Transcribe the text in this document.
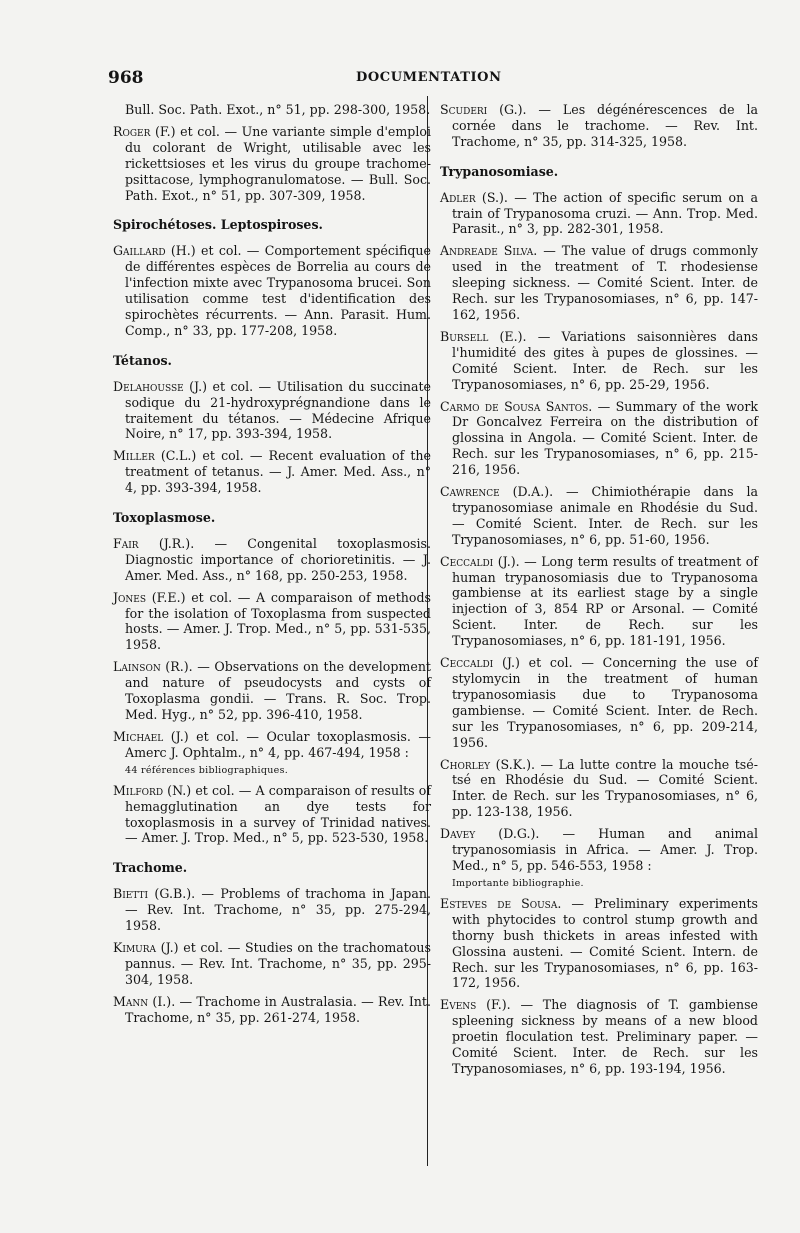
968	DOCUMENTATION
Bull. Soc. Path. Exot., n° 51, pp. 298-300, 1958.
Roger (F.) et col. — Une variante simple d'emploi du colorant de Wright, utilisable avec les rickettsioses et les virus du groupe trachome-psittacose, lymphogranulomatose. — Bull. Soc. Path. Exot., n° 51, pp. 307-309, 1958.
Spirochétoses. Leptospiroses.
Gaillard (H.) et col. — Comportement spécifique de différentes espèces de Borrelia au cours de l'infection mixte avec Trypanosoma brucei. Son utilisation comme test d'identification des spirochètes récurrents. — Ann. Parasit. Hum. Comp., n° 33, pp. 177-208, 1958.
Tétanos.
Delahousse (J.) et col. — Utilisation du succinate sodique du 21-hydroxyprégnandione dans le traitement du tétanos. — Médecine Afrique Noire, n° 17, pp. 393-394, 1958.
Miller (C.L.) et col. — Recent evaluation of the treatment of tetanus. — J. Amer. Med. Ass., n° 4, pp. 393-394, 1958.
Toxoplasmose.
Fair (J.R.). — Congenital toxoplasmosis. Diagnostic importance of chorioretinitis. — J. Amer. Med. Ass., n° 168, pp. 250-253, 1958.
Jones (F.E.) et col. — A comparaison of methods for the isolation of Toxoplasma from suspected hosts. — Amer. J. Trop. Med., n° 5, pp. 531-535, 1958.
Lainson (R.). — Observations on the development and nature of pseudocysts and cysts of Toxoplasma gondii. — Trans. R. Soc. Trop. Med. Hyg., n° 52, pp. 396-410, 1958.
Michael (J.) et col. — Ocular toxoplasmosis. — Amerc J. Ophtalm., n° 4, pp. 467-494, 1958 :
44 références bibliographiques.
Milford (N.) et col. — A comparaison of results of hemagglutination an dye tests for toxoplasmosis in a survey of Trinidad natives. — Amer. J. Trop. Med., n° 5, pp. 523-530, 1958.
Trachome.
Bietti (G.B.). — Problems of trachoma in Japan. — Rev. Int. Trachome, n° 35, pp. 275-294, 1958.
Kimura (J.) et col. — Studies on the trachomatous pannus. — Rev. Int. Trachome, n° 35, pp. 295-304, 1958.
Mann (I.). — Trachome in Australasia. — Rev. Int. Trachome, n° 35, pp. 261-274, 1958.
Scuderi (G.). — Les dégénérescences de la cornée dans le trachome. — Rev. Int. Trachome, n° 35, pp. 314-325, 1958.
Trypanosomiase.
Adler (S.). — The action of specific serum on a train of Trypanosoma cruzi. — Ann. Trop. Med. Parasit., n° 3, pp. 282-301, 1958.
Andreade Silva. — The value of drugs commonly used in the treatment of T. rhodesiense sleeping sickness. — Comité Scient. Inter. de Rech. sur les Trypanosomiases, n° 6, pp. 147-162, 1956.
Bursell (E.). — Variations saisonnières dans l'humidité des gites à pupes de glossines. — Comité Scient. Inter. de Rech. sur les Trypanosomiases, n° 6, pp. 25-29, 1956.
Carmo de Sousa Santos. — Summary of the work Dr Goncalvez Ferreira on the distribution of glossina in Angola. — Comité Scient. Inter. de Rech. sur les Trypanosomiases, n° 6, pp. 215-216, 1956.
Cawrence (D.A.). — Chimiothérapie dans la trypanosomiase animale en Rhodésie du Sud. — Comité Scient. Inter. de Rech. sur les Trypanosomiases, n° 6, pp. 51-60, 1956.
Ceccaldi (J.). — Long term results of treatment of human trypanosomiasis due to Trypanosoma gambiense at its earliest stage by a single injection of 3, 854 RP or Arsonal. — Comité Scient. Inter. de Rech. sur les Trypanosomiases, n° 6, pp. 181-191, 1956.
Ceccaldi (J.) et col. — Concerning the use of stylomycin in the treatment of human trypanosomiasis due to Trypanosoma gambiense. — Comité Scient. Inter. de Rech. sur les Trypanosomiases, n° 6, pp. 209-214, 1956.
Chorley (S.K.). — La lutte contre la mouche tsé-tsé en Rhodésie du Sud. — Comité Scient. Inter. de Rech. sur les Trypanosomiases, n° 6, pp. 123-138, 1956.
Davey (D.G.). — Human and animal trypanosomiasis in Africa. — Amer. J. Trop. Med., n° 5, pp. 546-553, 1958 :
Importante bibliographie.
Esteves de Sousa. — Preliminary experiments with phytocides to control stump growth and thorny bush thickets in areas infested with Glossina austeni. — Comité Scient. Intern. de Rech. sur les Trypanosomiases, n° 6, pp. 163-172, 1956.
Evens (F.). — The diagnosis of T. gambiense spleening sickness by means of a new blood proetin floculation test. Preliminary paper. — Comité Scient. Inter. de Rech. sur les Trypanosomiases, n° 6, pp. 193-194, 1956.
